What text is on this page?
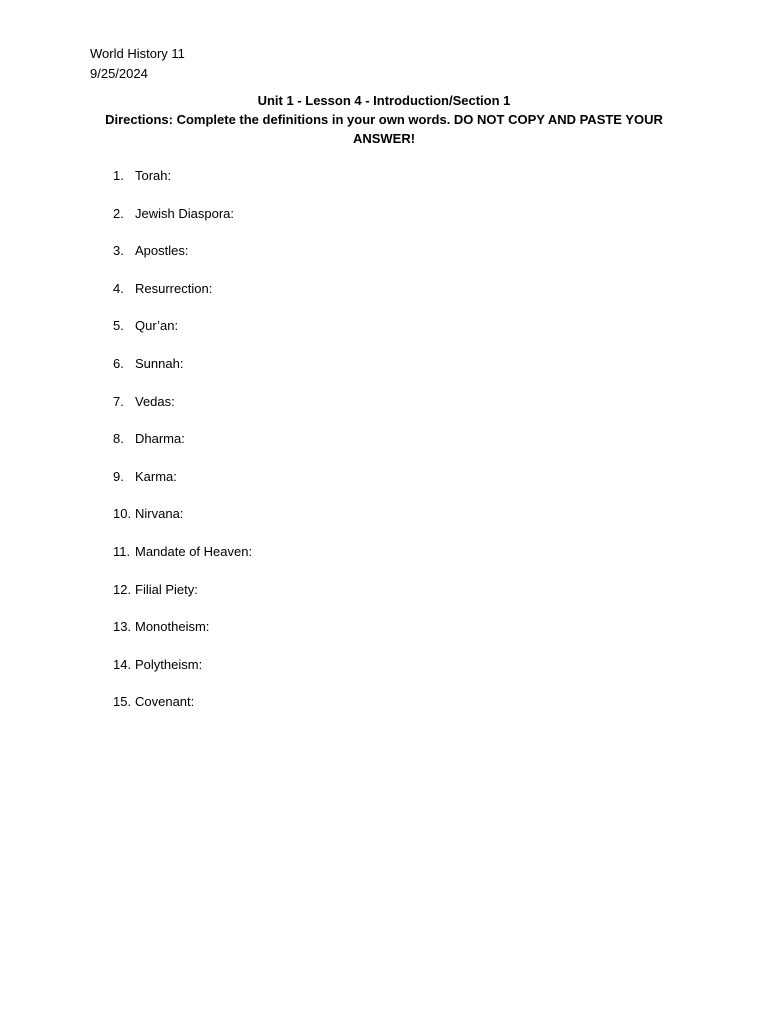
World History 11
9/25/2024
Unit 1 - Lesson 4 - Introduction/Section 1
Directions: Complete the definitions in your own words. DO NOT COPY AND PASTE YOUR ANSWER!
1. Torah:
2. Jewish Diaspora:
3. Apostles:
4. Resurrection:
5. Qur’an:
6. Sunnah:
7. Vedas:
8. Dharma:
9. Karma:
10. Nirvana:
11. Mandate of Heaven:
12. Filial Piety:
13. Monotheism:
14. Polytheism:
15. Covenant:
